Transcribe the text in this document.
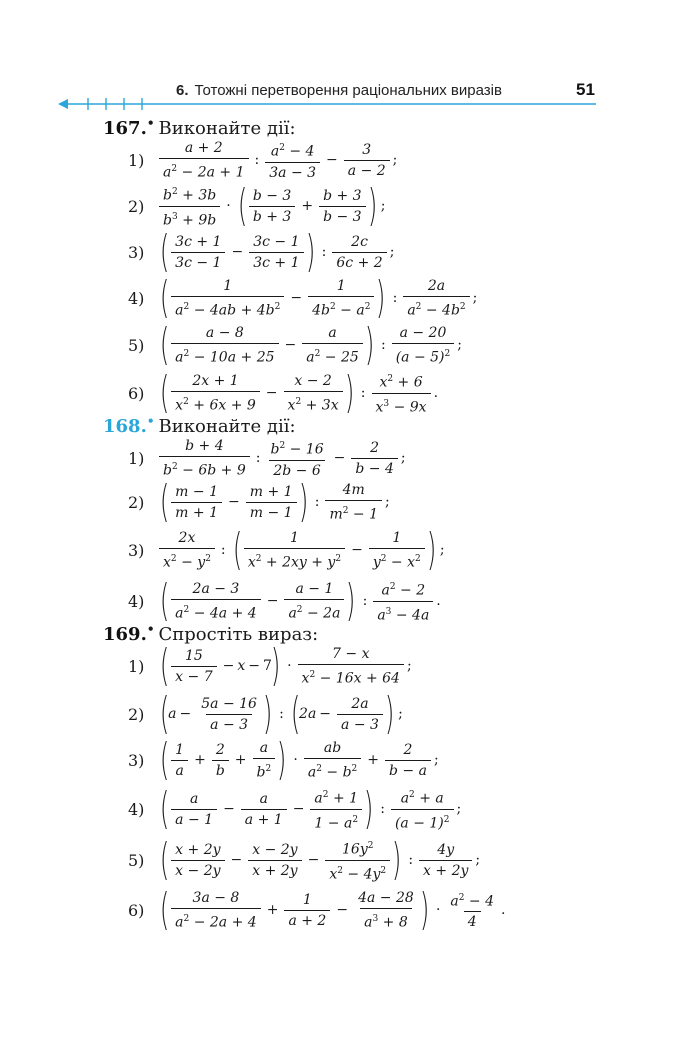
6. Тотожні перетворення раціональних виразів	51
167.• Виконайте дії:
$1) \frac{a + 2}{a^2 - 2a + 1}$ : $\frac{a^2 - 4}{3a - 3} - \frac{3}{a - 2}$ ;
$2) \frac{b^2 + 3b}{b^3 + 9b}$ · ( $\frac{b - 3}{b + 3} + \frac{b + 3}{b - 3}$ ) ;
3) ( $\frac{3c + 1}{3c - 1} - \frac{3c - 1}{3c + 1}$ ) : $\frac{2c}{6c + 2}$ ;
4) ( $\frac{1}{a^2 - 4ab + 4b^2} - \frac{1}{4b^2 - a^2}$ ) : $\frac{2a}{a^2 - 4b^2}$ ;
5) ( $\frac{a - 8}{a^2 - 10a + 25} - \frac{a}{a^2 - 25}$ ) : $\frac{a - 20}{(a - 5)^2}$ ;
6) ( $\frac{2x + 1}{x^2 + 6x + 9} - \frac{x - 2}{x^2 + 3x}$ ) : $\frac{x^2 + 6}{x^3 - 9x}$ .
168.• Виконайте дії:
$1) \frac{b + 4}{b^2 - 6b + 9}$ : $\frac{b^2 - 16}{2b - 6} - \frac{2}{b - 4}$ ;
2) ( $\frac{m - 1}{m + 1} - \frac{m + 1}{m - 1}$ ) : $\frac{4m}{m^2 - 1}$ ;
$3) \frac{2x}{x^2 - y^2}$ : ( $\frac{1}{x^2 + 2xy + y^2} - \frac{1}{y^2 - x^2}$ ) ;
4) ( $\frac{2a - 3}{a^2 - 4a + 4} - \frac{a - 1}{a^2 - 2a}$ ) : $\frac{a^2 - 2}{a^3 - 4a}$ .
169.• Спростіть вираз:
1) ( $\frac{15}{x - 7} - x - 7$
) · $\frac{7 - x}{x^2 - 16x + 64}$ ;
2) (
$a - \frac{5a - 16}{a - 3}$ ) : (
$2a - \frac{2a}{a - 3}$ ) ;
3) ( $\frac{1}{a} + \frac{2}{b} + \frac{a}{b^2}$ ) · $\frac{ab}{a^2 - b^2} + \frac{2}{b - a}$ ;
4) ( $\frac{a}{a - 1} - \frac{a}{a + 1} - \frac{a^2 + 1}{1 - a^2}$ ) : $\frac{a^2 + a}{(a - 1)^2}$ ;
5) ( $\frac{x + 2y}{x - 2y} - \frac{x - 2y}{x + 2y} - \frac{16y^2}{x^2 - 4y^2}$ ) : $\frac{4y}{x + 2y}$ ;
6) ( $\frac{3a - 8}{a^2 - 2a + 4} + \frac{1}{a + 2} - \frac{4a - 28}{a^3 + 8}$ ) · $\frac{a^2 - 4}{4}$ .
